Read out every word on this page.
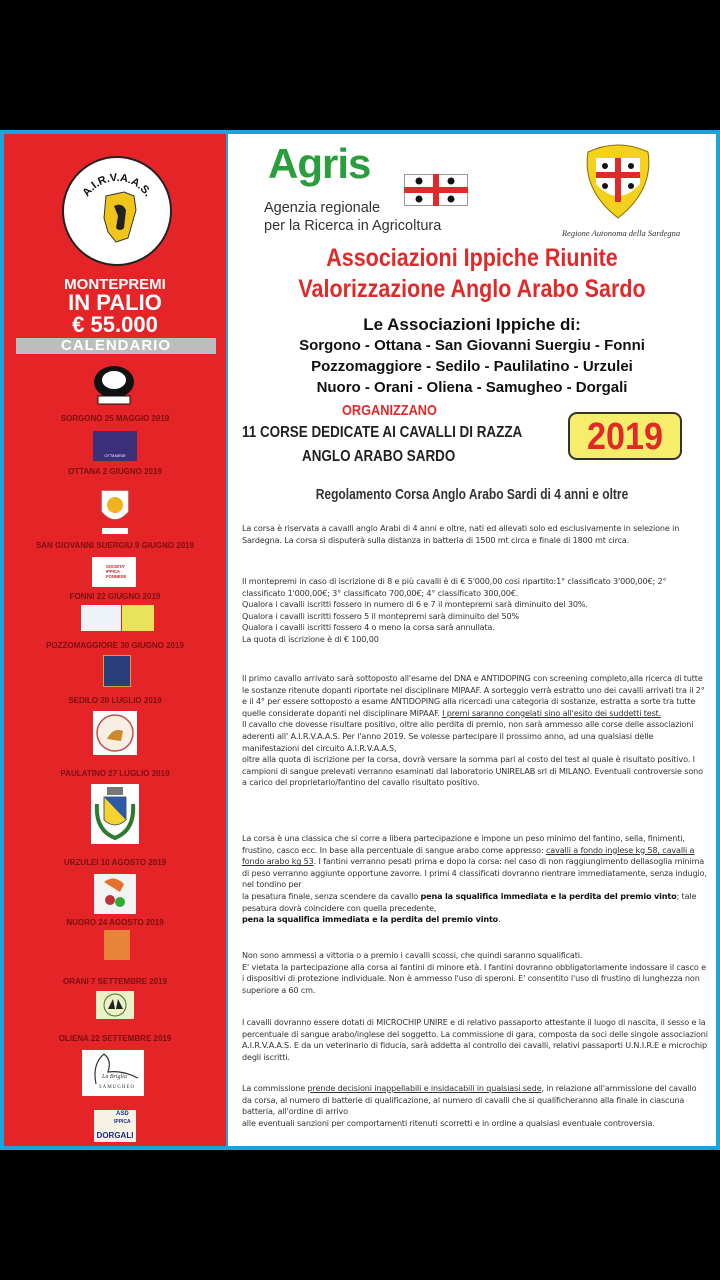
A.I.R.V.A.A.S.
MONTEPREMI
IN PALIO
€ 55.000
CALENDARIO
SORGONO 25 MAGGIO 2019
OTTANESE
OTTANA 2 GIUGNO 2019
SAN GIOVANNI SUERGIU 9 GIUGNO 2019
SOCIETA' IPPICA FONNESE
FONNI 22 GIUGNO 2019
POZZOMAGGIORE 30 GIUGNO 2019
SEDILO 20 LUGLIO 2019
PAULATINO 27 LUGLIO 2019
URZULEI 10 AGOSTO 2019
NUORO 24 AGOSTO 2019
ORANI 7 SETTEMBRE 2019
OLIENA 22 SETTEMBRE 2019
La Briglia
SAMUGHEO
ASD
IPPICA
DORGALI
Agris
Agenzia regionale
per la Ricerca in Agricoltura	Regione Autonoma della Sardegna
Associazioni Ippiche Riunite
Valorizzazione Anglo Arabo Sardo
Le Associazioni Ippiche di:
Sorgono - Ottana - San Giovanni Suergiu - Fonni
Pozzomaggiore - Sedilo - Paulilatino - Urzulei
Nuoro - Orani - Oliena - Samugheo - Dorgali
ORGANIZZANO
11 CORSE DEDICATE AI CAVALLI DI RAZZA
ANGLO ARABO SARDO	2019
Regolamento Corsa Anglo Arabo Sardi di 4 anni e oltre

La corsa è riservata a cavalli anglo Arabi di 4 anni e oltre, nati ed allevati solo ed esclusivamente in selezione in Sardegna. La corsa si disputerà sulla distanza in batteria di 1500 mt circa e finale di 1800 mt circa.

Il montepremi in caso di iscrizione di 8 e più cavalli è di € 5'000,00 cosi ripartito:1° classificato 3'000,00€; 2° classificato 1'000,00€; 3° classificato 700,00€; 4° classificato 300,00€.

Qualora i cavalli iscritti fossero in numero di 6 e 7 il montepremi sarà diminuito del 30%.

Qualora i cavalli iscritti fossero 5 il montepremi sarà diminuito del 50%

Qualora i cavalli iscritti fossero 4 o meno la corsa sarà annullata.

La quota di iscrizione è di € 100,00

Il primo cavallo arrivato sarà sottoposto all'esame del DNA e ANTIDOPING con screening completo,alla ricerca di tutte le sostanze ritenute dopanti riportate nel disciplinare MIPAAF. A sorteggio verrà estratto uno dei cavalli arrivati tra il 2° e il 4° per essere sottoposto a esame ANTIDOPING alla ricercadi una categoria di sostanze, estratta a sorte tra tutte quelle considerate dopanti nel disciplinare MIPAAF. I premi saranno congelati sino all'esito dei suddetti test.

Il cavallo che dovesse risultare positivo, oltre allo perdita di premio, non sarà ammesso alle corse delle associazioni aderenti all' A.I.R.V.A.A.S. Per l'anno 2019. Se volesse partecipare il prossimo anno, ad una qualsiasi delle manifestazioni del circuito A.I.R.V.A.A.S,

oltre alla quota di iscrizione per la corsa, dovrà versare la somma pari al costo del test al quale è risultato positivo. I campioni di sangue prelevati verranno esaminati dal laboratorio UNIRELAB srl di MILANO. Eventuali controversie sono a carico del proprietario/fantino del cavallo risultato positivo.

La corsa è una classica che si corre a libera partecipazione e impone un peso minimo del fantino, sella, finimenti, frustino, casco ecc. In base alla percentuale di sangue arabo come appresso: cavalli a fondo inglese kg 58, cavalli a fondo arabo kg 53. I fantini verranno pesati prima e dopo la corsa: nel caso di non raggiungimento dellasoglia minima di peso verranno aggiunte opportune zavorre. I primi 4 classificati dovranno rientrare immediatamente, senza indugio, nel tondino per

la pesatura finale, senza scendere da cavallo pena la squalifica immediata e la perdita del premio vinto; tale pesatura dovrà coincidere con quella precedente,

pena la squalifica immediata e la perdita del premio vinto.

Non sono ammessi a vittoria o a premio i cavalli scossi, che quindi saranno squalificati.

E' vietata la partecipazione alla corsa ai fantini di minore età. I fantini dovranno obbligatoriamente indossare il casco e i dispositivi di protezione individuale. Non è ammesso l'uso di speroni. E' consentito l'uso di frustino di lunghezza non superiore a 60 cm.

I cavalli dovranno essere dotati di MICROCHIP UNIRE e di relativo passaporto attestante il luogo di nascita, il sesso e la percentuale di sangue arabo/inglese del soggetto. La commissione di gara, composta da soci delle singole associazioni A.I.R.V.A.A.S. E da un veterinario di fiducia, sarà addetta al controllo dei cavalli, relativi passaporti U.N.I.R.E e microchip degli iscritti.

La commissione prende decisioni inappellabili e insidacabili in qualsiasi sede, in relazione all'ammissione del cavallo da corsa, al numero di batterie di qualificazione, al numero di cavalli che si qualificheranno alla finale in ciascuna batteria, all'ordine di arrivo

alle eventuali sanzioni per comportamenti ritenuti scorretti e in ordine a qualsiasi eventuale controversia.
